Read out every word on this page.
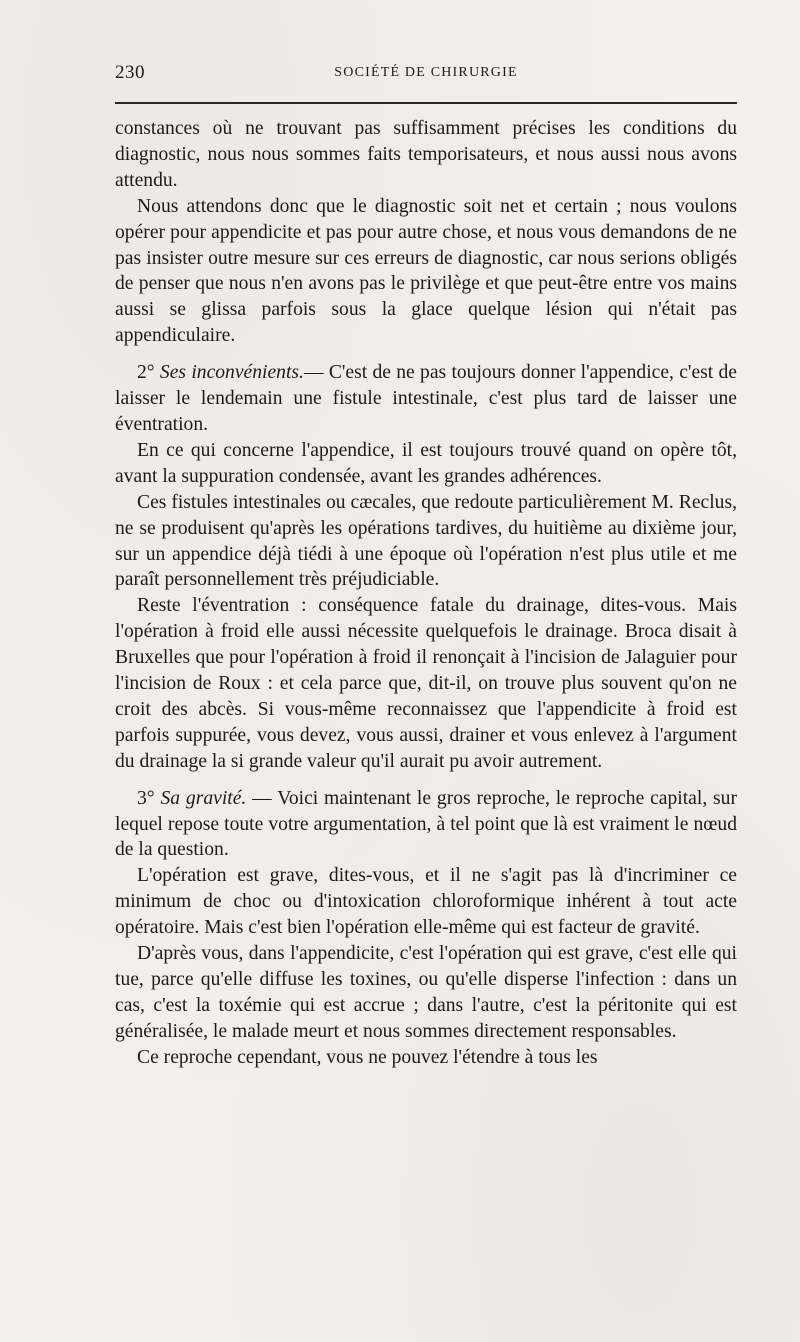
230	SOCIÉTÉ DE CHIRURGIE

constances où ne trouvant pas suffisamment précises les conditions du diagnostic, nous nous sommes faits temporisateurs, et nous aussi nous avons attendu.

Nous attendons donc que le diagnostic soit net et certain ; nous voulons opérer pour appendicite et pas pour autre chose, et nous vous demandons de ne pas insister outre mesure sur ces erreurs de diagnostic, car nous serions obligés de penser que nous n'en avons pas le privilège et que peut-être entre vos mains aussi se glissa parfois sous la glace quelque lésion qui n'était pas appendiculaire.

2° Ses inconvénients.— C'est de ne pas toujours donner l'appendice, c'est de laisser le lendemain une fistule intestinale, c'est plus tard de laisser une éventration.

En ce qui concerne l'appendice, il est toujours trouvé quand on opère tôt, avant la suppuration condensée, avant les grandes adhérences.

Ces fistules intestinales ou cæcales, que redoute particulièrement M. Reclus, ne se produisent qu'après les opérations tardives, du huitième au dixième jour, sur un appendice déjà tiédi à une époque où l'opération n'est plus utile et me paraît personnellement très préjudiciable.

Reste l'éventration : conséquence fatale du drainage, dites-vous. Mais l'opération à froid elle aussi nécessite quelquefois le drainage. Broca disait à Bruxelles que pour l'opération à froid il renonçait à l'incision de Jalaguier pour l'incision de Roux : et cela parce que, dit-il, on trouve plus souvent qu'on ne croit des abcès. Si vous-même reconnaissez que l'appendicite à froid est parfois suppurée, vous devez, vous aussi, drainer et vous enlevez à l'argument du drainage la si grande valeur qu'il aurait pu avoir autrement.

3° Sa gravité. — Voici maintenant le gros reproche, le reproche capital, sur lequel repose toute votre argumentation, à tel point que là est vraiment le nœud de la question.

L'opération est grave, dites-vous, et il ne s'agit pas là d'incriminer ce minimum de choc ou d'intoxication chloroformique inhérent à tout acte opératoire. Mais c'est bien l'opération elle-même qui est facteur de gravité.

D'après vous, dans l'appendicite, c'est l'opération qui est grave, c'est elle qui tue, parce qu'elle diffuse les toxines, ou qu'elle disperse l'infection : dans un cas, c'est la toxémie qui est accrue ; dans l'autre, c'est la péritonite qui est généralisée, le malade meurt et nous sommes directement responsables.

Ce reproche cependant, vous ne pouvez l'étendre à tous les
